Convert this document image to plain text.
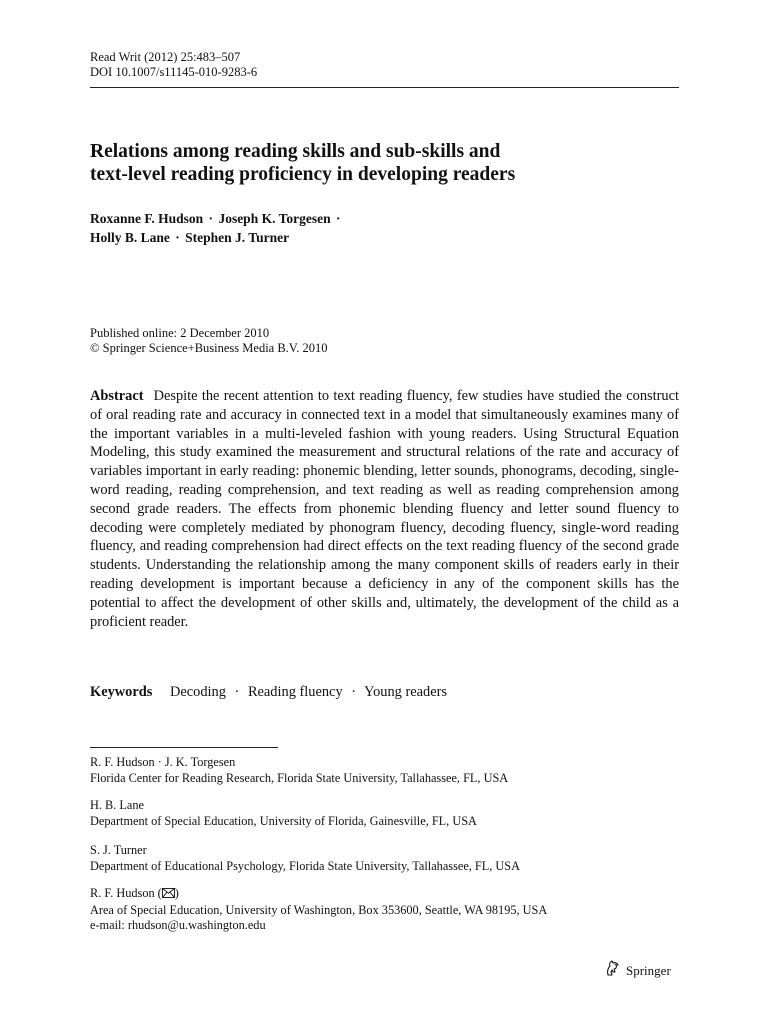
Read Writ (2012) 25:483–507
DOI 10.1007/s11145-010-9283-6
Relations among reading skills and sub-skills and
text-level reading proficiency in developing readers
Roxanne F. Hudson · Joseph K. Torgesen ·
Holly B. Lane · Stephen J. Turner
Published online: 2 December 2010
© Springer Science+Business Media B.V. 2010
Abstract Despite the recent attention to text reading fluency, few studies have studied the construct of oral reading rate and accuracy in connected text in a model that simultaneously examines many of the important variables in a multi-leveled fashion with young readers. Using Structural Equation Modeling, this study examined the measurement and structural relations of the rate and accuracy of variables important in early reading: phonemic blending, letter sounds, phonograms, decoding, single-word reading, reading comprehension, and text reading as well as reading comprehension among second grade readers. The effects from phonemic blending fluency and letter sound fluency to decoding were completely mediated by phonogram fluency, decoding fluency, single-word reading fluency, and reading comprehension had direct effects on the text reading fluency of the second grade students. Understanding the relationship among the many component skills of readers early in their reading development is important because a deficiency in any of the component skills has the potential to affect the development of other skills and, ultimately, the development of the child as a proficient reader.
Keywords Decoding · Reading fluency · Young readers
R. F. Hudson · J. K. Torgesen
Florida Center for Reading Research, Florida State University, Tallahassee, FL, USA
H. B. Lane
Department of Special Education, University of Florida, Gainesville, FL, USA
S. J. Turner
Department of Educational Psychology, Florida State University, Tallahassee, FL, USA
R. F. Hudson ( )
Area of Special Education, University of Washington, Box 353600, Seattle, WA 98195, USA
e-mail: rhudson@u.washington.edu
Springer
